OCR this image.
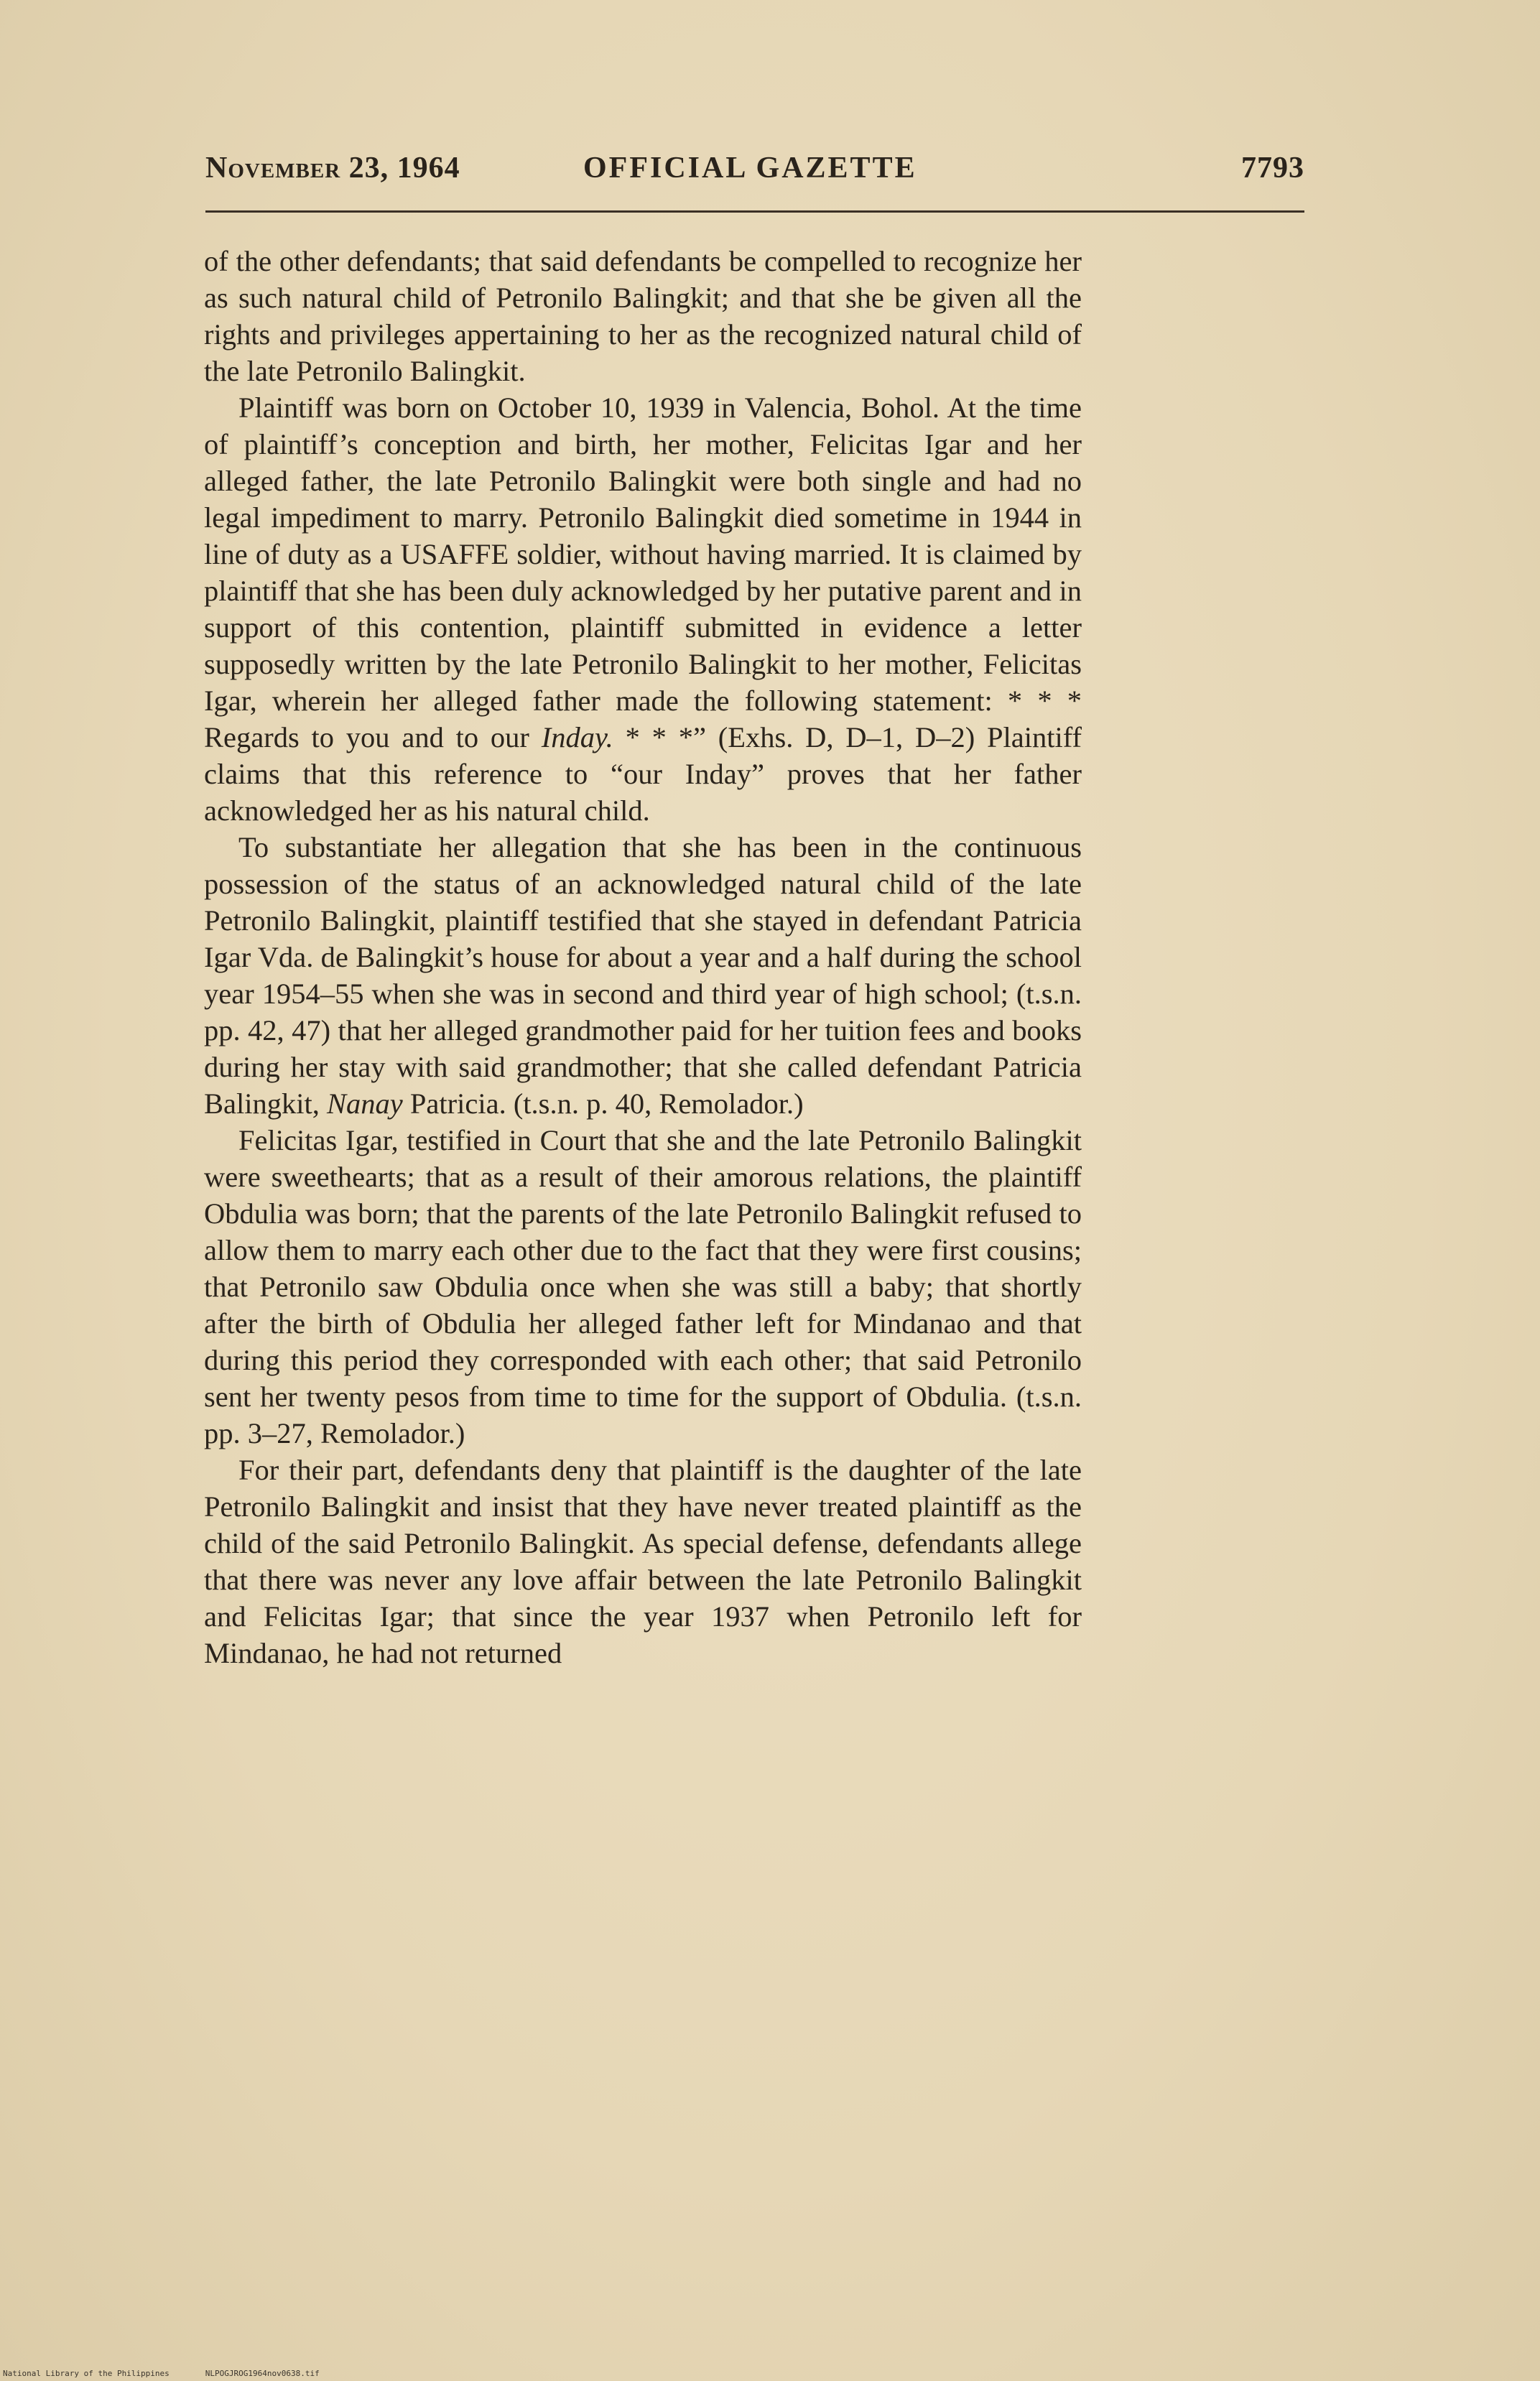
November 23, 1964	OFFICIAL GAZETTE	7793

of the other defendants; that said defendants be compelled to recognize her as such natural child of Petronilo Balingkit; and that she be given all the rights and privileges appertaining to her as the recognized natural child of the late Petronilo Balingkit.

Plaintiff was born on October 10, 1939 in Valencia, Bohol. At the time of plaintiff’s conception and birth, her mother, Felicitas Igar and her alleged father, the late Petronilo Balingkit were both single and had no legal impediment to marry. Petronilo Balingkit died sometime in 1944 in line of duty as a USAFFE soldier, without having married. It is claimed by plaintiff that she has been duly acknowledged by her putative parent and in support of this contention, plaintiff submitted in evidence a letter supposedly written by the late Petronilo Balingkit to her mother, Felicitas Igar, wherein her alleged father made the following statement: * * * Regards to you and to our Inday. * * *” (Exhs. D, D–1, D–2) Plaintiff claims that this reference to “our Inday” proves that her father acknowledged her as his natural child.

To substantiate her allegation that she has been in the continuous possession of the status of an acknowledged natural child of the late Petronilo Balingkit, plaintiff testified that she stayed in defendant Patricia Igar Vda. de Balingkit’s house for about a year and a half during the school year 1954–55 when she was in second and third year of high school; (t.s.n. pp. 42, 47) that her alleged grandmother paid for her tuition fees and books during her stay with said grandmother; that she called defendant Patricia Balingkit, Nanay Patricia. (t.s.n. p. 40, Remolador.)

Felicitas Igar, testified in Court that she and the late Petronilo Balingkit were sweethearts; that as a result of their amorous relations, the plaintiff Obdulia was born; that the parents of the late Petronilo Balingkit refused to allow them to marry each other due to the fact that they were first cousins; that Petronilo saw Obdulia once when she was still a baby; that shortly after the birth of Obdulia her alleged father left for Mindanao and that during this period they corresponded with each other; that said Petronilo sent her twenty pesos from time to time for the support of Obdulia. (t.s.n. pp. 3–27, Remolador.)

For their part, defendants deny that plaintiff is the daughter of the late Petronilo Balingkit and insist that they have never treated plaintiff as the child of the said Petronilo Balingkit. As special defense, defendants allege that there was never any love affair between the late Petronilo Balingkit and Felicitas Igar; that since the year 1937 when Petronilo left for Mindanao, he had not returned

National Library of the Philippines	NLPOGJROG1964nov0638.tif
